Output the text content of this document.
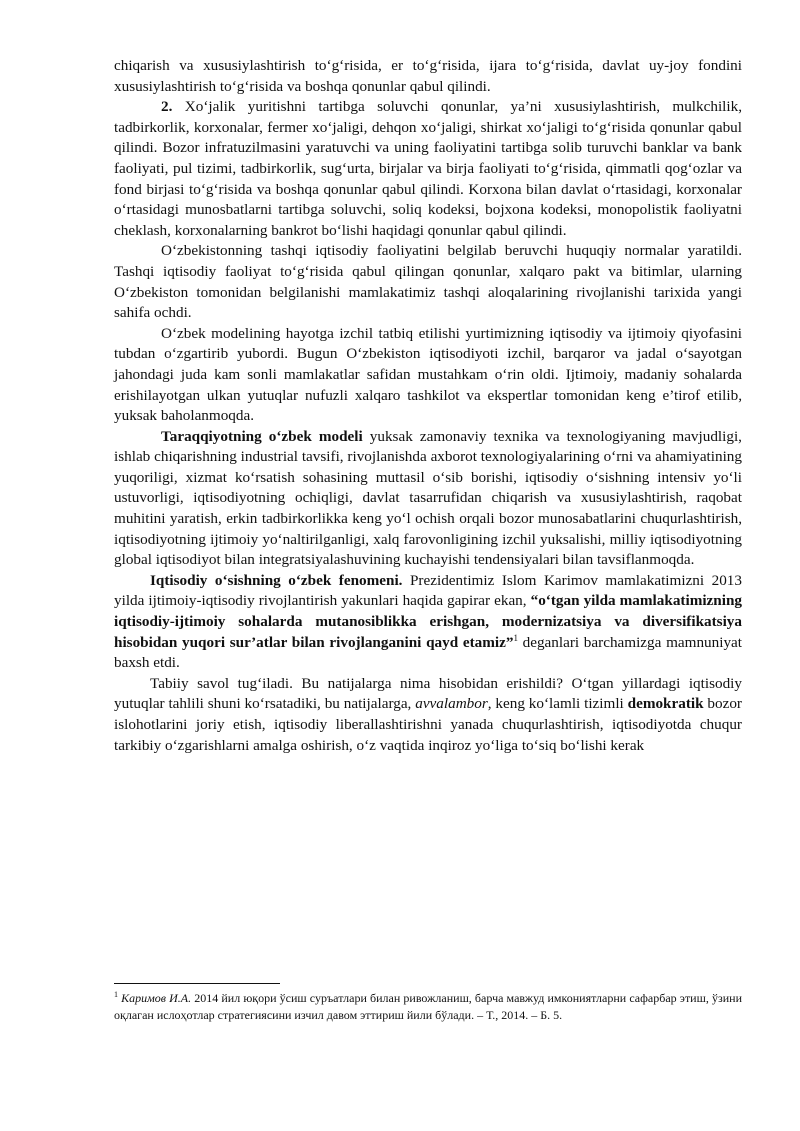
chiqarish va xususiylashtirish to‘g‘risida, er to‘g‘risida, ijara to‘g‘risida, davlat uy-joy fondini xususiylashtirish to‘g‘risida va boshqa qonunlar qabul qilindi.

2. Xo‘jalik yuritishni tartibga soluvchi qonunlar, ya’ni xususiylashtirish, mulkchilik, tadbirkorlik, korxonalar, fermer xo‘jaligi, dehqon xo‘jaligi, shirkat xo‘jaligi to‘g‘risida qonunlar qabul qilindi. Bozor infratuzilmasini yaratuvchi va uning faoliyatini tartibga solib turuvchi banklar va bank faoliyati, pul tizimi, tadbirkorlik, sug‘urta, birjalar va birja faoliyati to‘g‘risida, qimmatli qog‘ozlar va fond birjasi to‘g‘risida va boshqa qonunlar qabul qilindi. Korxona bilan davlat o‘rtasidagi, korxonalar o‘rtasidagi munosbatlarni tartibga soluvchi, soliq kodeksi, bojxona kodeksi, monopolistik faoliyatni cheklash, korxonalarning bankrot bo‘lishi haqidagi qonunlar qabul qilindi.

O‘zbekistonning tashqi iqtisodiy faoliyatini belgilab beruvchi huquqiy normalar yaratildi. Tashqi iqtisodiy faoliyat to‘g‘risida qabul qilingan qonunlar, xalqaro pakt va bitimlar, ularning O‘zbekiston tomonidan belgilanishi mamlakatimiz tashqi aloqalarining rivojlanishi tarixida yangi sahifa ochdi.

O‘zbek modelining hayotga izchil tatbiq etilishi yurtimizning iqtisodiy va ijtimoiy qiyofasini tubdan o‘zgartirib yubordi. Bugun O‘zbekiston iqtisodiyoti izchil, barqaror va jadal o‘sayotgan jahondagi juda kam sonli mamlakatlar safidan mustahkam o‘rin oldi. Ijtimoiy, madaniy sohalarda erishilayotgan ulkan yutuqlar nufuzli xalqaro tashkilot va ekspertlar tomonidan keng e’tirof etilib, yuksak baholanmoqda.

Taraqqiyotning o‘zbek modeli yuksak zamonaviy texnika va texnologiyaning mavjudligi, ishlab chiqarishning industrial tavsifi, rivojlanishda axborot texnologiyalarining o‘rni va ahamiyatining yuqoriligi, xizmat ko‘rsatish sohasining muttasil o‘sib borishi, iqtisodiy o‘sishning intensiv yo‘li ustuvorligi, iqtisodiyotning ochiqligi, davlat tasarrufidan chiqarish va xususiylashtirish, raqobat muhitini yaratish, erkin tadbirkorlikka keng yo‘l ochish orqali bozor munosabatlarini chuqurlashtirish, iqtisodiyotning ijtimoiy yo‘naltirilganligi, xalq farovonligining izchil yuksalishi, milliy iqtisodiyotning global iqtisodiyot bilan integratsiyalashuvining kuchayishi tendensiyalari bilan tavsiflanmoqda.

Iqtisodiy o‘sishning o‘zbek fenomeni. Prezidentimiz Islom Karimov mamlakatimizni 2013 yilda ijtimoiy-iqtisodiy rivojlantirish yakunlari haqida gapirar ekan, “o‘tgan yilda mamlakatimizning iqtisodiy-ijtimoiy sohalarda mutanosiblikka erishgan, modernizatsiya va diversifikatsiya hisobidan yuqori sur’atlar bilan rivojlanganini qayd etamiz”$^1$ deganlari barchamizga mamnuniyat baxsh etdi.

Tabiiy savol tug‘iladi. Bu natijalarga nima hisobidan erishildi? O‘tgan yillardagi iqtisodiy yutuqlar tahlili shuni ko‘rsatadiki, bu natijalarga, avvalambor, keng ko‘lamli tizimli demokratik bozor islohotlarini joriy etish, iqtisodiy liberallashtirishni yanada chuqurlashtirish, iqtisodiyotda chuqur tarkibiy o‘zgarishlarni amalga oshirish, o‘z vaqtida inqiroz yo‘liga to‘siq bo‘lishi kerak

$^1$ Каримов И.А. 2014 йил юқори ўсиш суръатлари билан ривожланиш, барча мавжуд имкониятларни сафарбар этиш, ўзини оқлаган ислоҳотлар стратегиясини изчил давом эттириш йили бўлади. – Т., 2014. – Б. 5.
